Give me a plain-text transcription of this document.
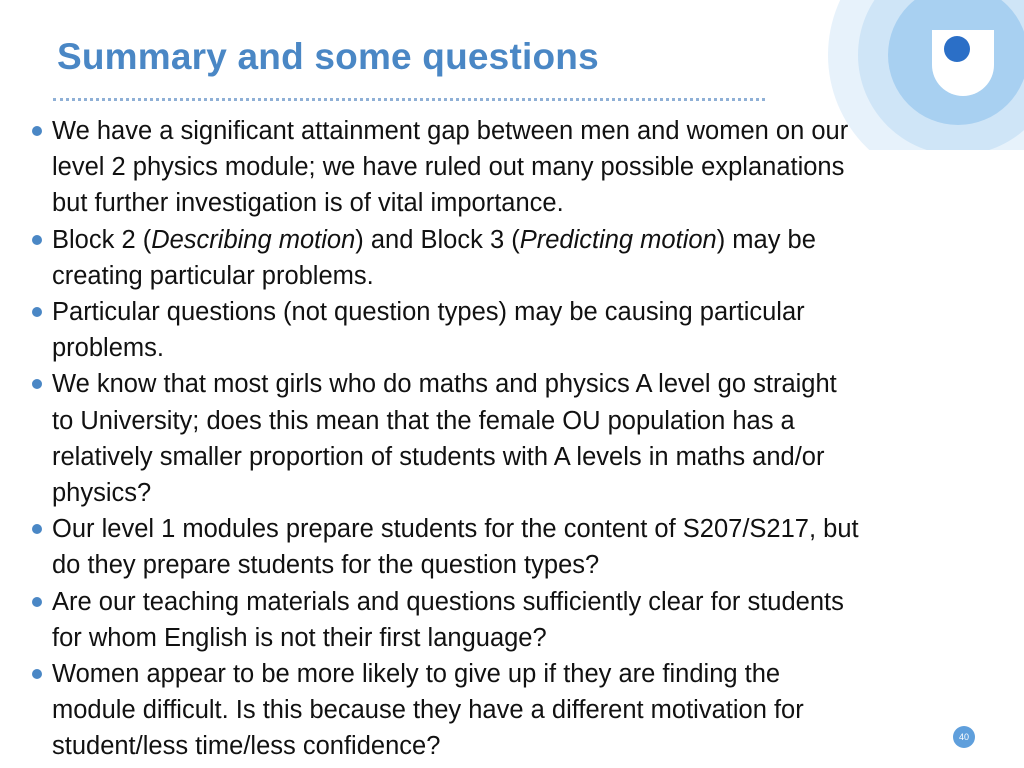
Summary and some questions
We have a significant attainment gap between men and women on our
level 2 physics module; we have ruled out many possible explanations
but further investigation is of vital importance.
Block 2 (Describing motion) and Block 3 (Predicting motion) may be
creating particular problems.
Particular questions (not question types) may be causing particular
problems.
We know that most girls who do maths and physics A level go straight
to University; does this mean that the female OU population has a
relatively smaller proportion of students with A levels in maths and/or
physics?
Our level 1 modules prepare students for the content of S207/S217, but
do they prepare students for the question types?
Are our teaching materials and questions sufficiently clear for students
for whom English is not their first language?
Women appear to be more likely to give up if they are finding the
module difficult. Is this because they have a different motivation for
student/less time/less confidence?	40
